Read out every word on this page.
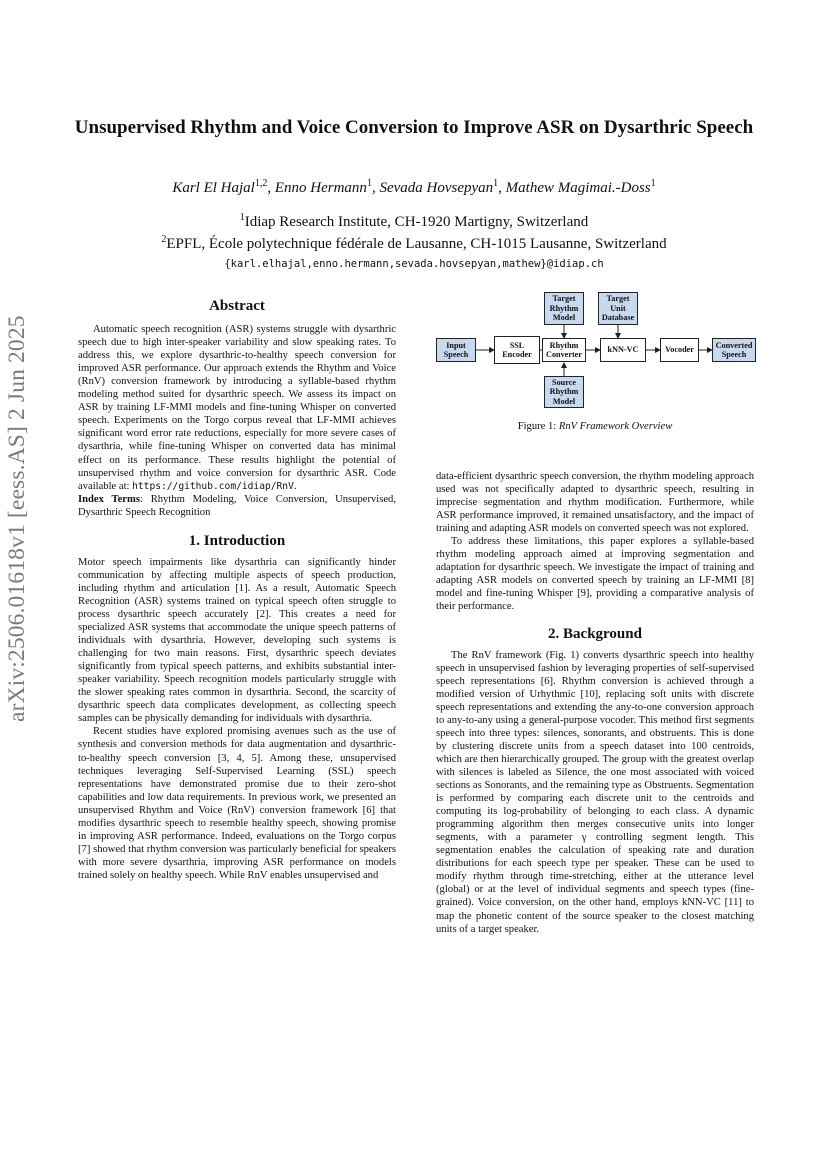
arXiv:2506.01618v1 [eess.AS] 2 Jun 2025
Unsupervised Rhythm and Voice Conversion to Improve ASR on Dysarthric Speech
Karl El Hajal$^{1,2}$, Enno Hermann$^1$, Sevada Hovsepyan$^1$, Mathew Magimai.-Doss$^1$
$^1$Idiap Research Institute, CH-1920 Martigny, Switzerland
$^2$EPFL, École polytechnique fédérale de Lausanne, CH-1015 Lausanne, Switzerland
{karl.elhajal,enno.hermann,sevada.hovsepyan,mathew}@idiap.ch
Abstract

Automatic speech recognition (ASR) systems struggle with dysarthric speech due to high inter-speaker variability and slow speaking rates. To address this, we explore dysarthric-to-healthy speech conversion for improved ASR performance. Our approach extends the Rhythm and Voice (RnV) conversion framework by introducing a syllable-based rhythm modeling method suited for dysarthric speech. We assess its impact on ASR by training LF-MMI models and fine-tuning Whisper on converted speech. Experiments on the Torgo corpus reveal that LF-MMI achieves significant word error rate reductions, especially for more severe cases of dysarthria, while fine-tuning Whisper on converted data has minimal effect on its performance. These results highlight the potential of unsupervised rhythm and voice conversion for dysarthric ASR. Code available at: https://github.com/idiap/RnV.

Index Terms: Rhythm Modeling, Voice Conversion, Unsupervised, Dysarthric Speech Recognition

1. Introduction

Motor speech impairments like dysarthria can significantly hinder communication by affecting multiple aspects of speech production, including rhythm and articulation [1]. As a result, Automatic Speech Recognition (ASR) systems trained on typical speech often struggle to process dysarthric speech accurately [2]. This creates a need for specialized ASR systems that accommodate the unique speech patterns of individuals with dysarthria. However, developing such systems is challenging for two main reasons. First, dysarthric speech deviates significantly from typical speech patterns, and exhibits substantial inter-speaker variability. Speech recognition models particularly struggle with the slower speaking rates common in dysarthria. Second, the scarcity of dysarthric speech data complicates development, as collecting speech samples can be physically demanding for individuals with dysarthria.

Recent studies have explored promising avenues such as the use of synthesis and conversion methods for data augmentation and dysarthric-to-healthy speech conversion [3, 4, 5]. Among these, unsupervised techniques leveraging Self-Supervised Learning (SSL) speech representations have demonstrated promise due to their zero-shot capabilities and low data requirements. In previous work, we presented an unsupervised Rhythm and Voice (RnV) conversion framework [6] that modifies dysarthric speech to resemble healthy speech, showing promise in improving ASR performance. Indeed, evaluations on the Torgo corpus [7] showed that rhythm conversion was particularly beneficial for speakers with more severe dysarthria, improving ASR performance on models trained solely on healthy speech. While RnV enables unsupervised and

Input Speech
SSL Encoder
Rhythm Converter
kNN-VC	Vocoder
Converted Speech
Target Rhythm Model
Target Unit Database
Source Rhythm Model
Figure 1: RnV Framework Overview

data-efficient dysarthric speech conversion, the rhythm modeling approach used was not specifically adapted to dysarthric speech, resulting in imprecise segmentation and rhythm modification. Furthermore, while ASR performance improved, it remained unsatisfactory, and the impact of training and adapting ASR models on converted speech was not explored.

To address these limitations, this paper explores a syllable-based rhythm modeling approach aimed at improving segmentation and adaptation for dysarthric speech. We investigate the impact of training and adapting ASR models on converted speech by training an LF-MMI [8] model and fine-tuning Whisper [9], providing a comparative analysis of their performance.

2. Background

The RnV framework (Fig. 1) converts dysarthric speech into healthy speech in unsupervised fashion by leveraging properties of self-supervised speech representations [6]. Rhythm conversion is achieved through a modified version of Urhythmic [10], replacing soft units with discrete speech representations and extending the any-to-one conversion approach to any-to-any using a general-purpose vocoder. This method first segments speech into three types: silences, sonorants, and obstruents. This is done by clustering discrete units from a speech dataset into 100 centroids, which are then hierarchically grouped. The group with the greatest overlap with silences is labeled as Silence, the one most associated with voiced sections as Sonorants, and the remaining type as Obstruents. Segmentation is performed by comparing each discrete unit to the centroids and computing its log-probability of belonging to each class. A dynamic programming algorithm then merges consecutive units into longer segments, with a parameter γ controlling segment length. This segmentation enables the calculation of speaking rate and duration distributions for each speech type per speaker. These can be used to modify rhythm through time-stretching, either at the utterance level (global) or at the level of individual segments and speech types (fine-grained). Voice conversion, on the other hand, employs kNN-VC [11] to map the phonetic content of the source speaker to the closest matching units of a target speaker.
